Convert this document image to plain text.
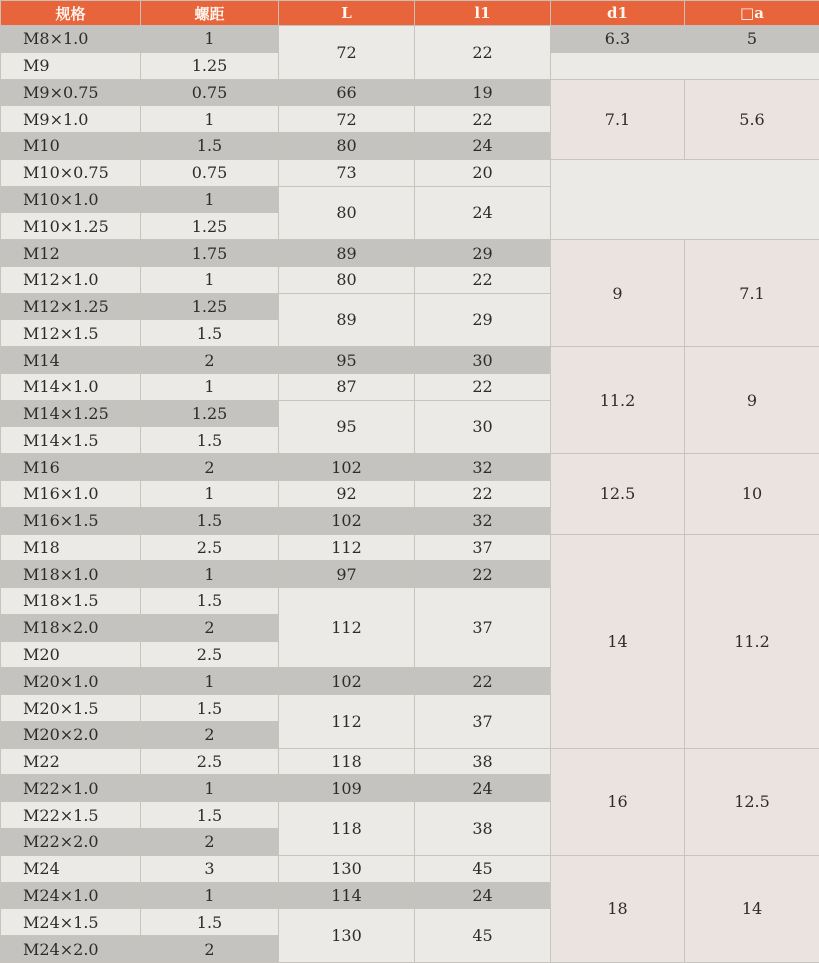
规格	螺距	L	l1	d1	□a	
M8×1.0	1	72	22	6.3	5	
M9	1.25					
M9×0.75	0.75	66	19	7.1	5.6	
M9×1.0	1	72	22			
M10	1.5	80	24		
M10×0.75	0.75	73	20			
M10×1.0	1	80	24			
M10×1.25	1.25					
M12	1.75	89	29	9	7.1	
M12×1.0	1	80	22			
M12×1.25	1.25	89	29			
M12×1.5	1.5					
M14	2	95	30	11.2	9	
M14×1.0	1	87	22			
M14×1.25	1.25	95	30			
M14×1.5	1.5					
M16	2	102	32	12.5	10	
M16×1.0	1	92	22			
M16×1.5	1.5	102	32			
M18	2.5	112	37	14	11.2	
M18×1.0	1	97	22			
M18×1.5	1.5	112	37			
M18×2.0	2					
M20	2.5					
M20×1.0	1	102	22			
M20×1.5	1.5	112	37			
M20×2.0	2					
M22	2.5	118	38	16	12.5	
M22×1.0	1	109	24			
M22×1.5	1.5	118	38			
M22×2.0	2					
M24	3	130	45	18	14	
M24×1.0	1	114	24			
M24×1.5	1.5	130	45			
M24×2.0	2					
